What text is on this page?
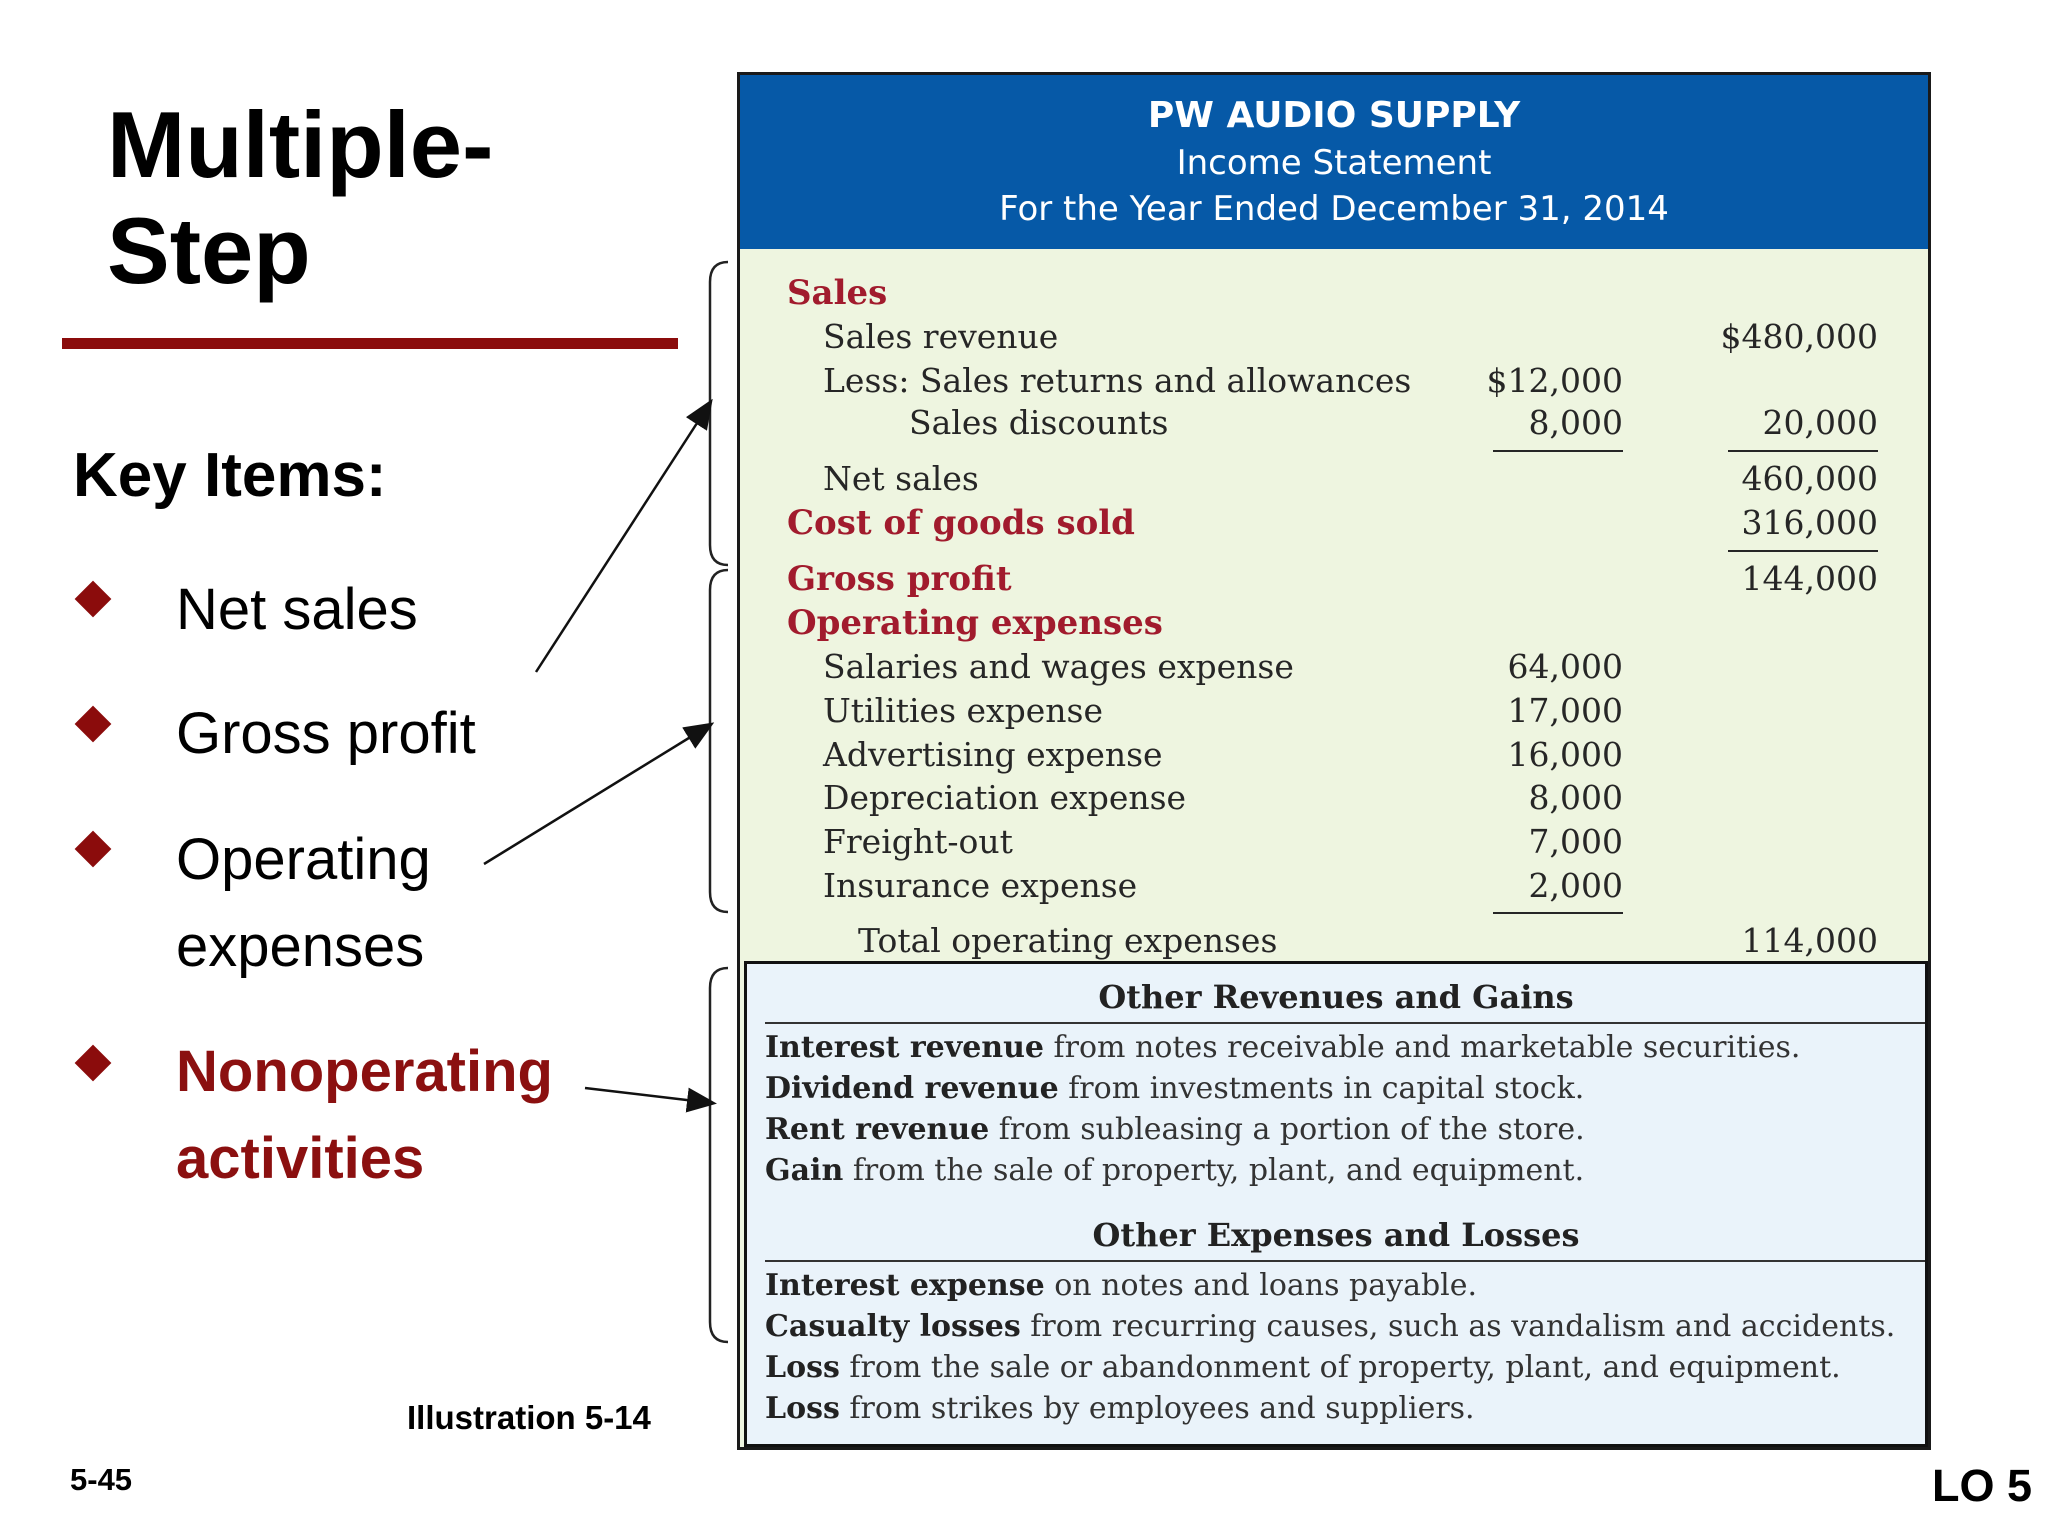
Multiple-
Step
Key Items:
Net sales
Gross profit
Operating
expenses
Nonoperating
activities
Illustration 5-14
5-45	LO 5
PW AUDIO SUPPLY
Income Statement
For the Year Ended December 31, 2014
Sales
Sales revenue	$480,000
Less: Sales returns and allowances $12,000
Sales discounts	8,000	20,000
Net sales	460,000
Cost of goods sold	316,000
Gross profit	144,000
Operating expenses
Salaries and wages expense	64,000
Utilities expense	17,000
Advertising expense	16,000
Depreciation expense	8,000
Freight-out	7,000
Insurance expense	2,000
Total operating expenses	114,000
Other Revenues and Gains
Interest revenue from notes receivable and marketable securities.
Dividend revenue from investments in capital stock.
Rent revenue from subleasing a portion of the store.
Gain from the sale of property, plant, and equipment.
Other Expenses and Losses
Interest expense on notes and loans payable.
Casualty losses from recurring causes, such as vandalism and accidents.
Loss from the sale or abandonment of property, plant, and equipment.
Loss from strikes by employees and suppliers.
